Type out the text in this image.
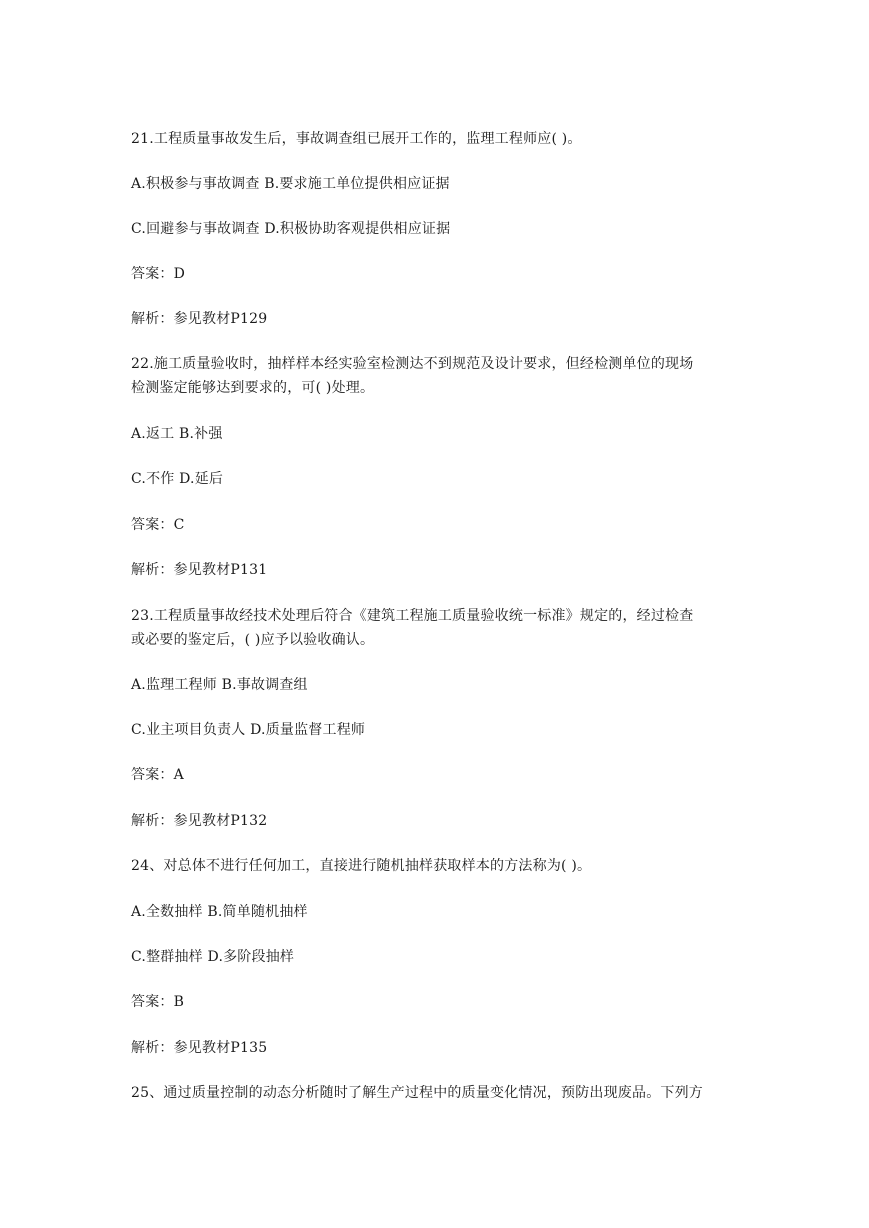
21.工程质量事故发生后，事故调查组已展开工作的，监理工程师应( )。
A.积极参与事故调查 B.要求施工单位提供相应证据
C.回避参与事故调查 D.积极协助客观提供相应证据
答案：D
解析：参见教材P129
22.施工质量验收时，抽样样本经实验室检测达不到规范及设计要求，但经检测单位的现场
检测鉴定能够达到要求的，可( )处理。
A.返工 B.补强
C.不作 D.延后
答案：C
解析：参见教材P131
23.工程质量事故经技术处理后符合《建筑工程施工质量验收统一标准》规定的，经过检查
或必要的鉴定后，( )应予以验收确认。
A.监理工程师 B.事故调查组
C.业主项目负责人 D.质量监督工程师
答案：A
解析：参见教材P132
24、对总体不进行任何加工，直接进行随机抽样获取样本的方法称为( )。
A.全数抽样 B.简单随机抽样
C.整群抽样 D.多阶段抽样
答案：B
解析：参见教材P135
25、通过质量控制的动态分析随时了解生产过程中的质量变化情况，预防出现废品。下列方
